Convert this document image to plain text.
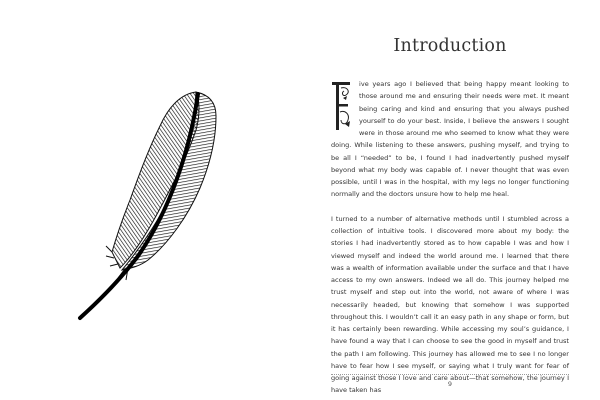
Introduction

ive years ago I believed that being happy meant looking to those around me and ensuring their needs were met. It meant being caring and kind and ensuring that you always pushed yourself to do your best. Inside, I believe the answers I sought were in those around me who seemed to know what they were doing. While listening to these answers, pushing myself, and trying to be all I “needed” to be, I found I had inadvertently pushed myself beyond what my body was capable of. I never thought that was even possible, until I was in the hospital, with my legs no longer functioning normally and the doctors unsure how to help me heal.

I turned to a number of alternative methods until I stumbled across a collection of intuitive tools. I discovered more about my body: the stories I had inadvertently stored as to how capable I was and how I viewed myself and indeed the world around me. I learned that there was a wealth of information available under the surface and that I have access to my own answers. Indeed we all do. This journey helped me trust myself and step out into the world, not aware of where I was necessarily headed, but knowing that somehow I was supported throughout this. I wouldn’t call it an easy path in any shape or form, but it has certainly been rewarding. While accessing my soul’s guidance, I have found a way that I can choose to see the good in myself and trust the path I am following. This journey has allowed me to see I no longer have to fear how I see myself, or saying what I truly want for fear of going against those I love and care about—that somehow, the journey I have taken has

9
